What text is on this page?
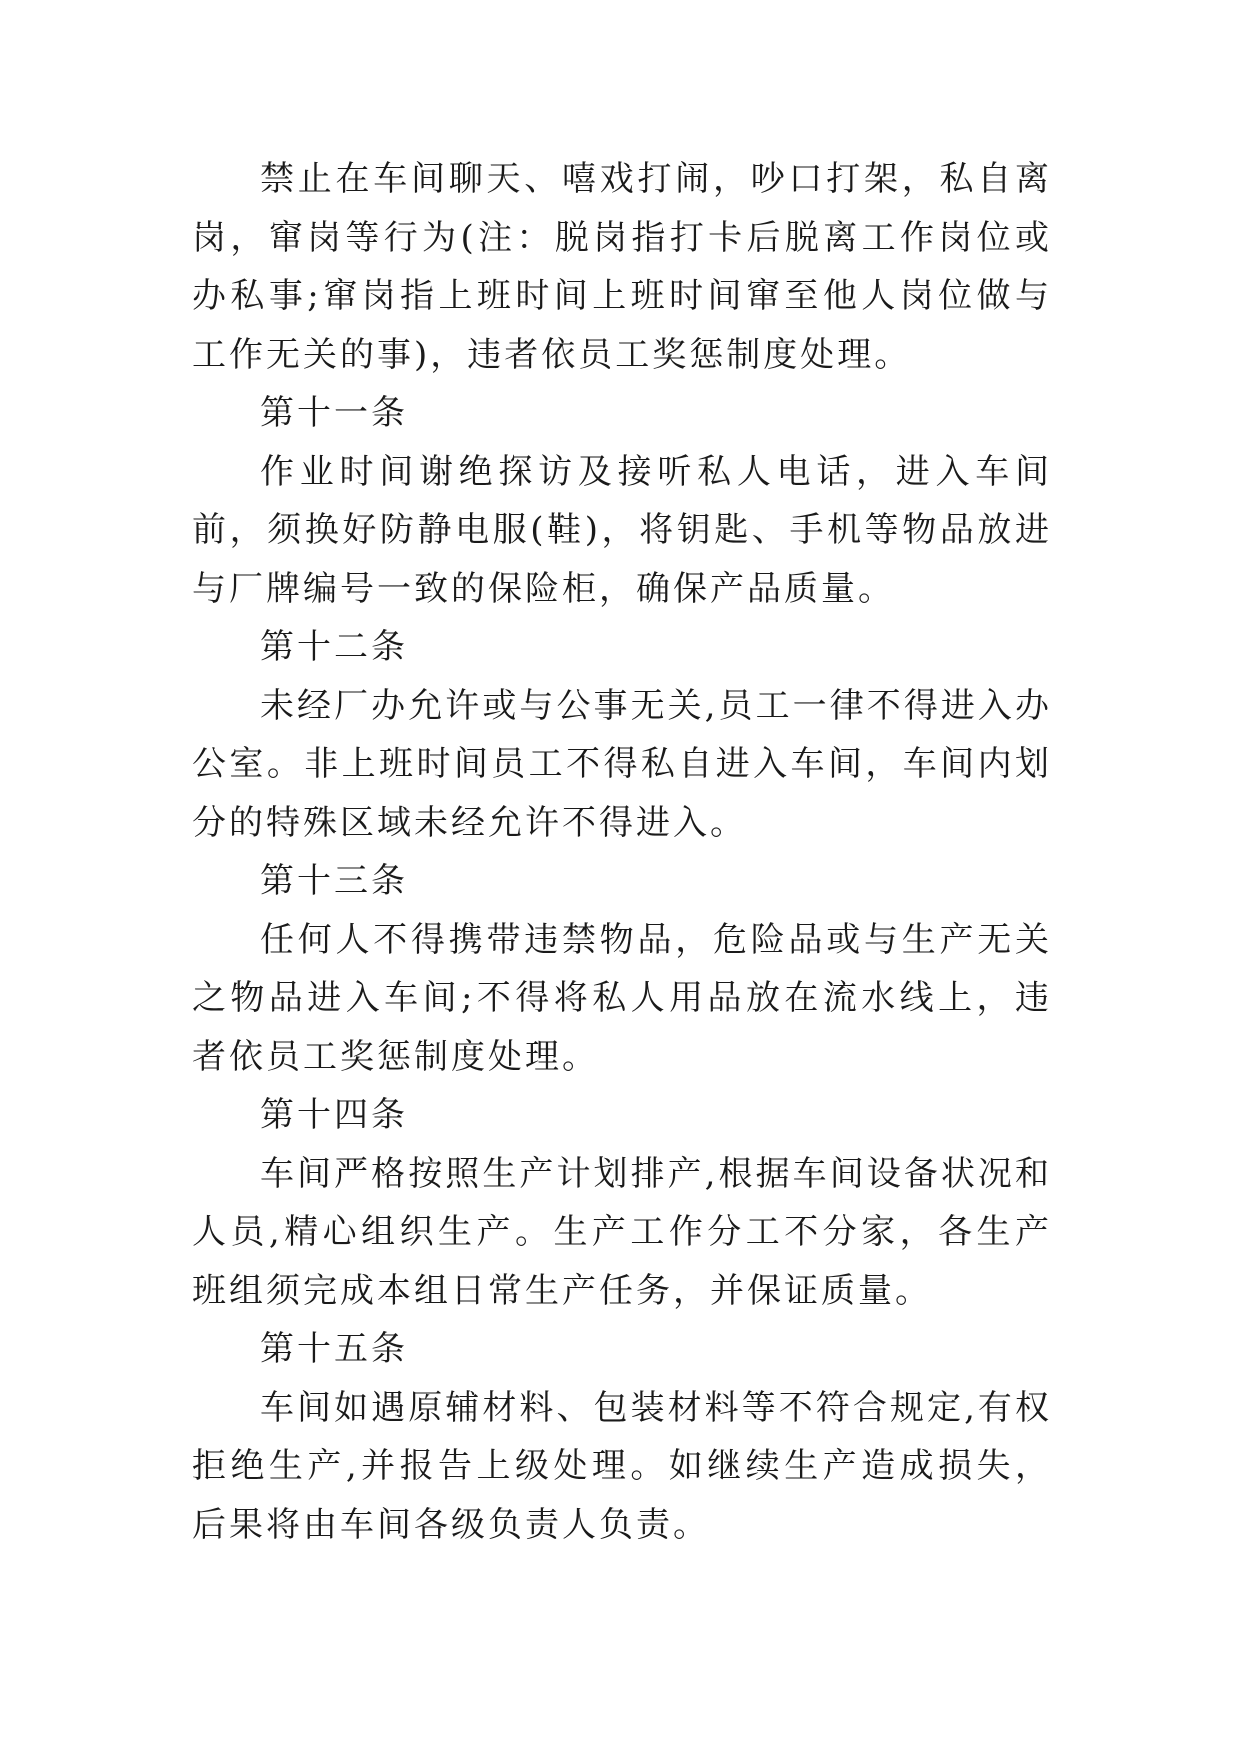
禁止在车间聊天、嘻戏打闹，吵口打架，私自离岗，窜岗等行为(注：脱岗指打卡后脱离工作岗位或办私事;窜岗指上班时间上班时间窜至他人岗位做与工作无关的事)，违者依员工奖惩制度处理。

第十一条

作业时间谢绝探访及接听私人电话，进入车间前，须换好防静电服(鞋)，将钥匙、手机等物品放进与厂牌编号一致的保险柜，确保产品质量。

第十二条

未经厂办允许或与公事无关,员工一律不得进入办公室。非上班时间员工不得私自进入车间，车间内划分的特殊区域未经允许不得进入。

第十三条

任何人不得携带违禁物品，危险品或与生产无关之物品进入车间;不得将私人用品放在流水线上，违者依员工奖惩制度处理。

第十四条

车间严格按照生产计划排产,根据车间设备状况和人员,精心组织生产。生产工作分工不分家，各生产班组须完成本组日常生产任务，并保证质量。

第十五条

车间如遇原辅材料、包装材料等不符合规定,有权拒绝生产,并报告上级处理。如继续生产造成损失，后果将由车间各级负责人负责。
